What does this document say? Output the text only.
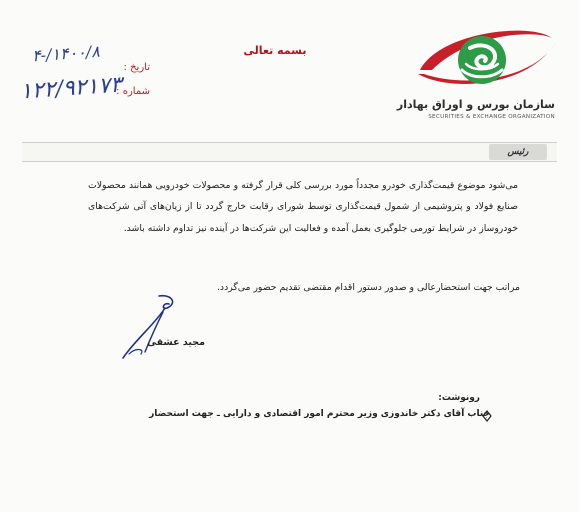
بسمه تعالی
تاریخ :
۱۴۰۰/۸/-۴
شماره :
۱۲۲/۹۲۱۷۳	سازمان بورس و اوراق بهادار
SECURITIES & EXCHANGE ORGANIZATION
رئیس

می‌شود موضوع قیمت‌گذاری خودرو مجدداً مورد بررسی کلی قرار گرفته و محصولات خودرویی همانند محصولات صنایع فولاد و پتروشیمی از شمول قیمت‌گذاری توسط شورای رقابت خارج گردد تا از زیان‌های آتی شرکت‌های خودروساز در شرایط تورمی جلوگیری بعمل آمده و فعالیت این شرکت‌ها در آینده نیز تداوم داشته باشد.

مراتب جهت استحضارعالی و صدور دستور اقدام مقتضی تقدیم حضور می‌گردد.
مجید عشقی
رونوشت:
جناب آقای دکتر خاندوزی وزیر محترم امور اقتصادی و دارایی ـ جهت استحضار
